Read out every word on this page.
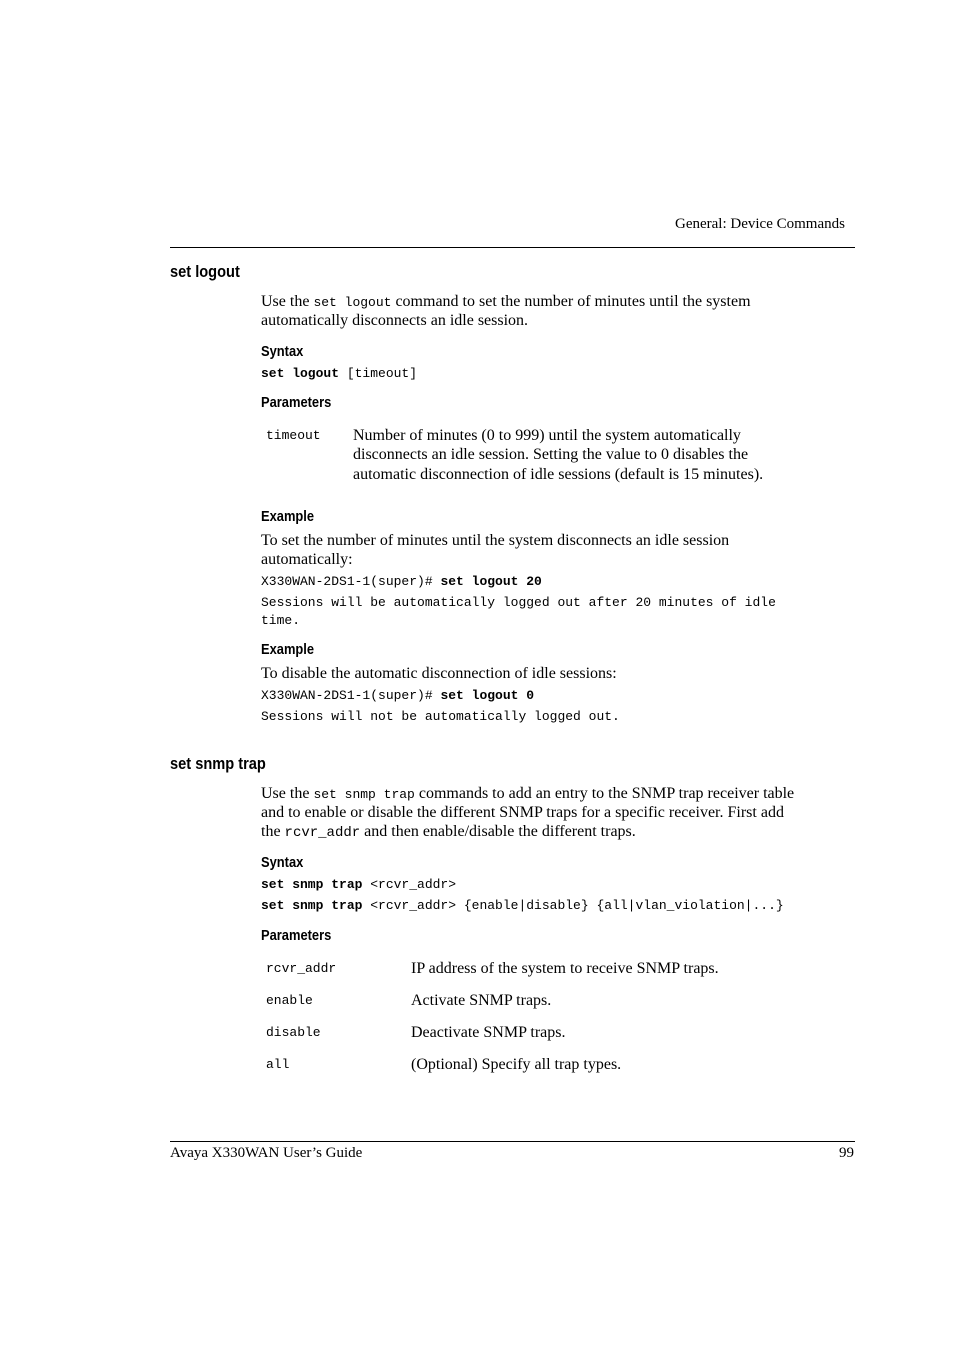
General: Device Commands
set logout
Use the set logout command to set the number of minutes until the system
automatically disconnects an idle session.
Syntax
set logout [timeout]
Parameters
timeout Number of minutes (0 to 999) until the system automatically
disconnects an idle session. Setting the value to 0 disables the
automatic disconnection of idle sessions (default is 15 minutes).
Example
To set the number of minutes until the system disconnects an idle session
automatically:
X330WAN-2DS1-1(super)# set logout 20
Sessions will be automatically logged out after 20 minutes of idle
time.
Example
To disable the automatic disconnection of idle sessions:
X330WAN-2DS1-1(super)# set logout 0
Sessions will not be automatically logged out.
set snmp trap
Use the set snmp trap commands to add an entry to the SNMP trap receiver table
and to enable or disable the different SNMP traps for a specific receiver. First add
the rcvr_addr and then enable/disable the different traps.
Syntax
set snmp trap <rcvr_addr>
set snmp trap <rcvr_addr> {enable|disable} {all|vlan_violation|...}
Parameters
rcvr_addr	IP address of the system to receive SNMP traps.
enable	Activate SNMP traps.
disable	Deactivate SNMP traps.
all	(Optional) Specify all trap types.
Avaya X330WAN User’s Guide	99
